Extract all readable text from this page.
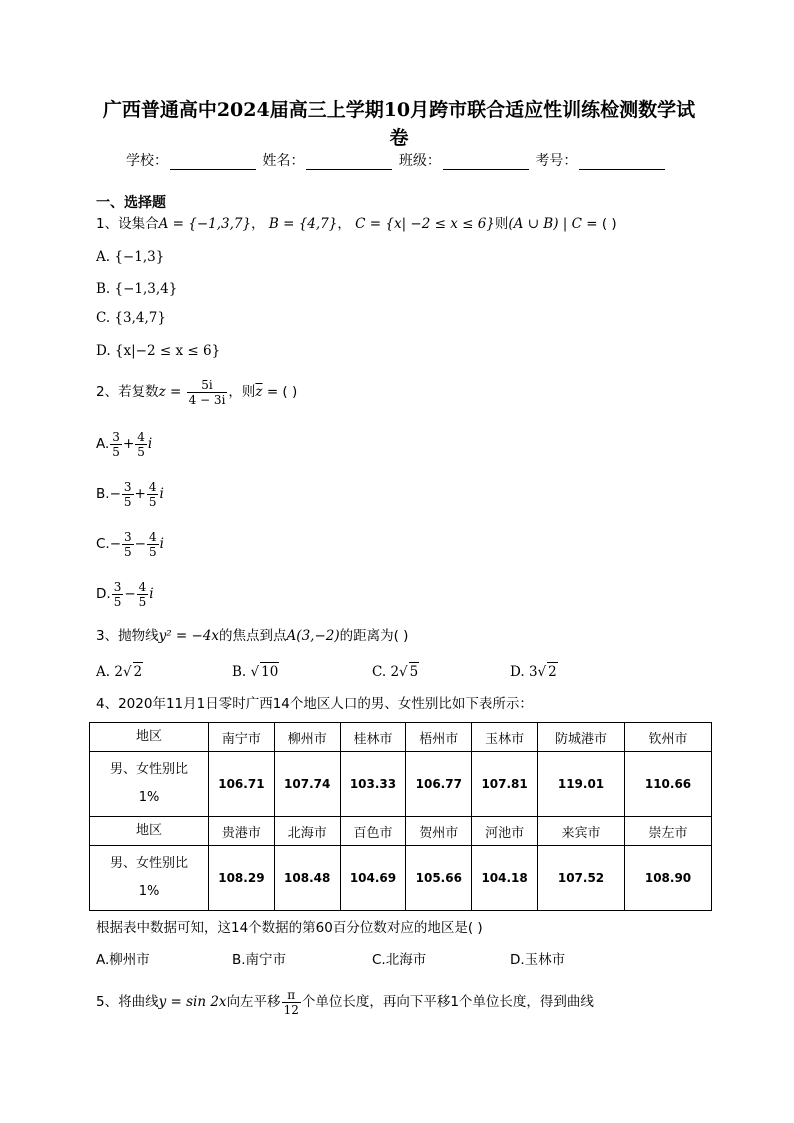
广西普通高中2024届高三上学期10月跨市联合适应性训练检测数学试
卷
学校：	姓名：	班级：	考号：
一、选择题
1、设集合A = {−1,3,7}， B = {4,7}， C = {x| −2 ≤ x ≤ 6}则(A ∪ B) | C = ( )
A. {−1,3}
B. {−1,3,4}
C. {3,4,7}
D. {x|−2 ≤ x ≤ 6}
2、若复数$z = \frac{5i}{4 - 3i}$ ，则$\overline{z}$ = ( )
A. $\frac{3}{5} + \frac{4}{5}$ i
$B.- \frac{3}{5} + \frac{4}{5}$ i
$C.- \frac{3}{5} - \frac{4}{5}$ i
D. $\frac{3}{5} - \frac{4}{5}$ i
3、抛物线y² = −4x的焦点到点A(3,−2)的距离为( )
A. 2√ 2	B. √ 10	C. 2√ 5	D. 3√ 2
4、2020年11月1日零时广西14个地区人口的男、女性别比如下表所示：
地区	南宁市	柳州市	桂林市	梧州市	玉林市	防城港市	钦州市

男、女性别比
1%	106.71	107.74	103.33	106.77	107.81	119.01	110.66
地区	贵港市	北海市	百色市	贺州市	河池市	来宾市	崇左市

男、女性别比
1%	108.29	108.48	104.69	105.66	104.18	107.52	108.90
根据表中数据可知，这14个数据的第60百分位数对应的地区是( )
A.柳州市	B.南宁市	C.北海市	D.玉林市
5、将曲线y = sin 2x向左平移 $\frac{\pi}{12}$ 个单位长度，再向下平移1个单位长度，得到曲线
